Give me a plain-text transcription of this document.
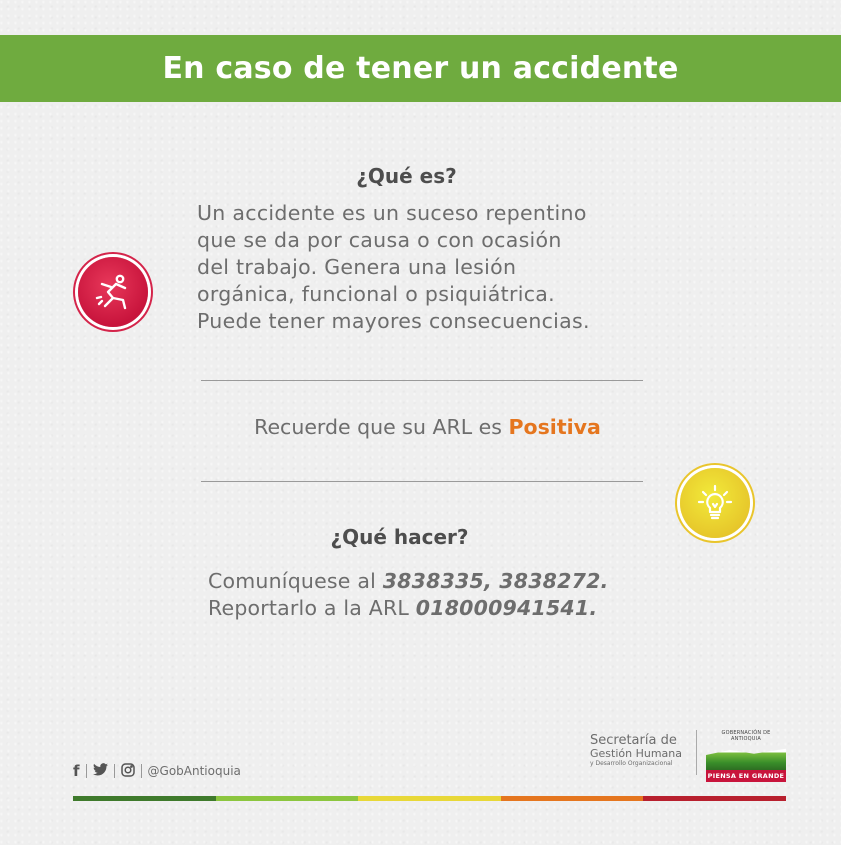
En caso de tener un accidente
¿Qué es?
Un accidente es un suceso repentino
que se da por causa o con ocasión
del trabajo. Genera una lesión
orgánica, funcional o psiquiátrica.
Puede tener mayores consecuencias.
Recuerde que su ARL es Positiva
¿Qué hacer?
Comuníquese al 3838335, 3838272.
Reportarlo a la ARL 018000941541.
f	@GobAntioquia
Secretaría de
Gestión Humana
y Desarrollo Organizacional
GOBERNACIÓN DE ANTIOQUIA
PIENSA EN GRANDE
